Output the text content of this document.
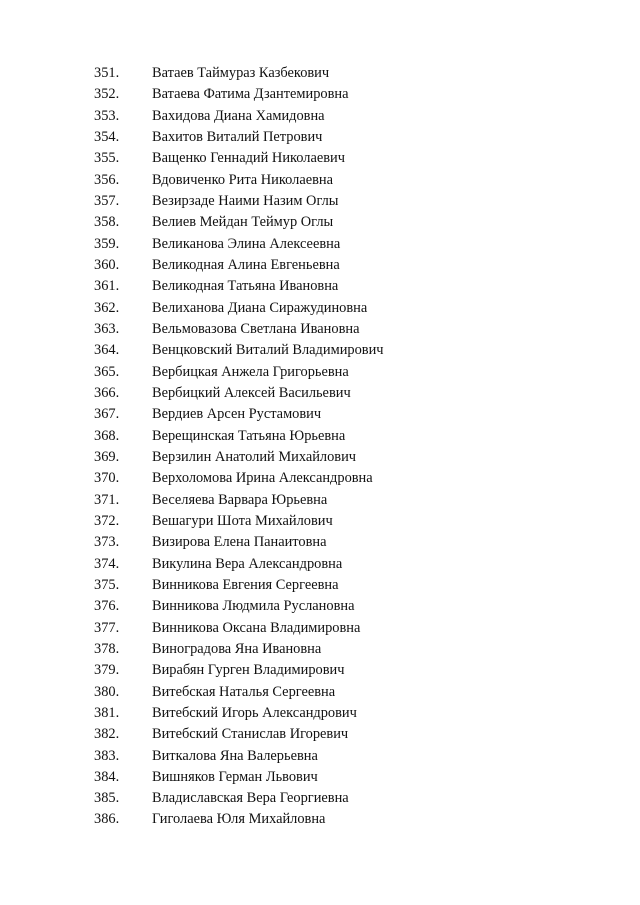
351.	Ватаев Таймураз Казбекович
352.	Ватаева Фатима Дзантемировна
353.	Вахидова Диана Хамидовна
354.	Вахитов Виталий Петрович
355.	Ващенко Геннадий Николаевич
356.	Вдовиченко Рита Николаевна
357.	Везирзаде Наими Назим Оглы
358.	Велиев Мейдан Теймур Оглы
359.	Великанова Элина Алексеевна
360.	Великодная Алина Евгеньевна
361.	Великодная Татьяна Ивановна
362.	Велиханова Диана Сиражудиновна
363.	Вельмовазова Светлана Ивановна
364.	Венцковский Виталий Владимирович
365.	Вербицкая Анжела Григорьевна
366.	Вербицкий Алексей Васильевич
367.	Вердиев Арсен Рустамович
368.	Верещинская Татьяна Юрьевна
369.	Верзилин Анатолий Михайлович
370.	Верхоломова Ирина Александровна
371.	Веселяева Варвара Юрьевна
372.	Вешагури Шота Михайлович
373.	Визирова Елена Панаитовна
374.	Викулина Вера Александровна
375.	Винникова Евгения Сергеевна
376.	Винникова Людмила Руслановна
377.	Винникова Оксана Владимировна
378.	Виноградова Яна Ивановна
379.	Вирабян Гурген Владимирович
380.	Витебская Наталья Сергеевна
381.	Витебский Игорь Александрович
382.	Витебский Станислав Игоревич
383.	Виткалова Яна Валерьевна
384.	Вишняков Герман Львович
385.	Владиславская Вера Георгиевна
386.	Гиголаева Юля Михайловна
